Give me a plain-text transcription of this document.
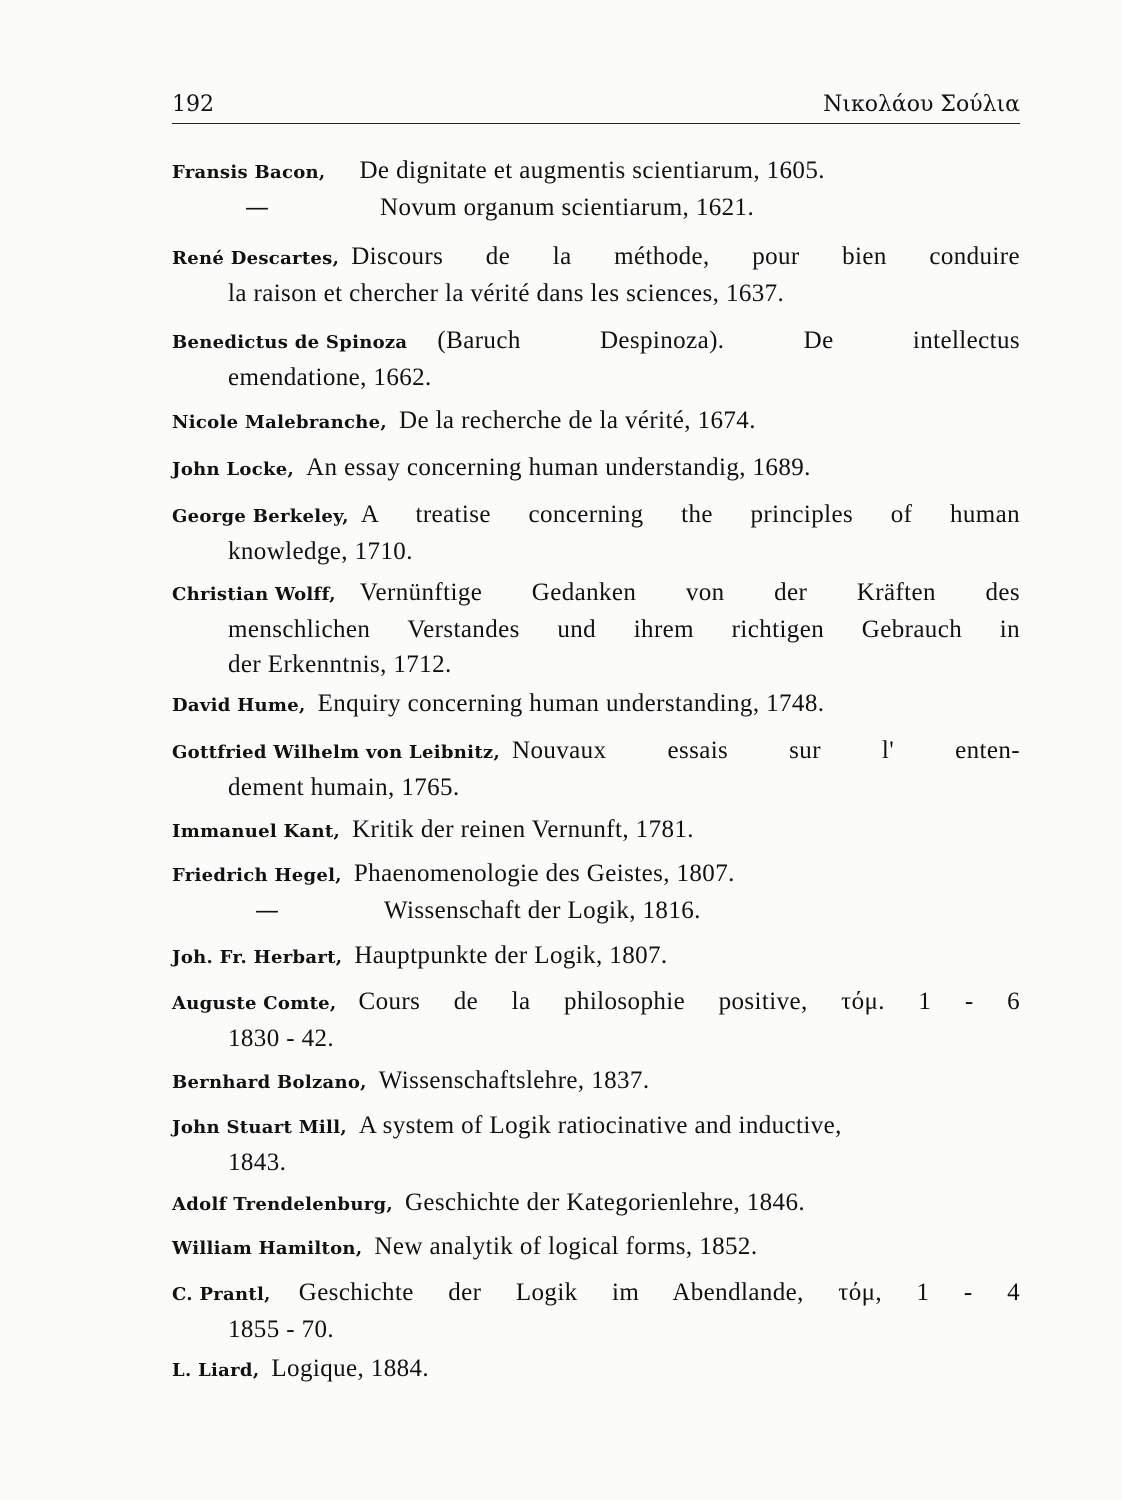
192	Νικολάου Σούλια
Fransis Bacon, De dignitate et augmentis scientiarum, 1605.
—	Novum organum scientiarum, 1621.
René Descartes, Discours de la méthode, pour bien conduire
la raison et chercher la vérité dans les sciences, 1637.
Benedictus de Spinoza (Baruch Despinoza). De intellectus
emendatione, 1662.
Nicole Malebranche, De la recherche de la vérité, 1674.
John Locke, An essay concerning human understandig, 1689.
George Berkeley, A treatise concerning the principles of human
knowledge, 1710.
Christian Wolff, Vernünftige Gedanken von der Kräften des
menschlichen Verstandes und ihrem richtigen Gebrauch in
der Erkenntnis, 1712.
David Hume, Enquiry concerning human understanding, 1748.
Gottfried Wilhelm von Leibnitz, Nouvaux essais sur l' enten-
dement humain, 1765.
Immanuel Kant, Kritik der reinen Vernunft, 1781.
Friedrich Hegel, Phaenomenologie des Geistes, 1807.
—	Wissenschaft der Logik, 1816.
Joh. Fr. Herbart, Hauptpunkte der Logik, 1807.
Auguste Comte, Cours de la philosophie positive, τόμ. 1 - 6
1830 - 42.
Bernhard Bolzano, Wissenschaftslehre, 1837.
John Stuart Mill, A system of Logik ratiocinative and inductive,
1843.
Adolf Trendelenburg, Geschichte der Kategorienlehre, 1846.
William Hamilton, New analytik of logical forms, 1852.
C. Prantl, Geschichte der Logik im Abendlande, τόμ, 1 - 4
1855 - 70.
L. Liard, Logique, 1884.
